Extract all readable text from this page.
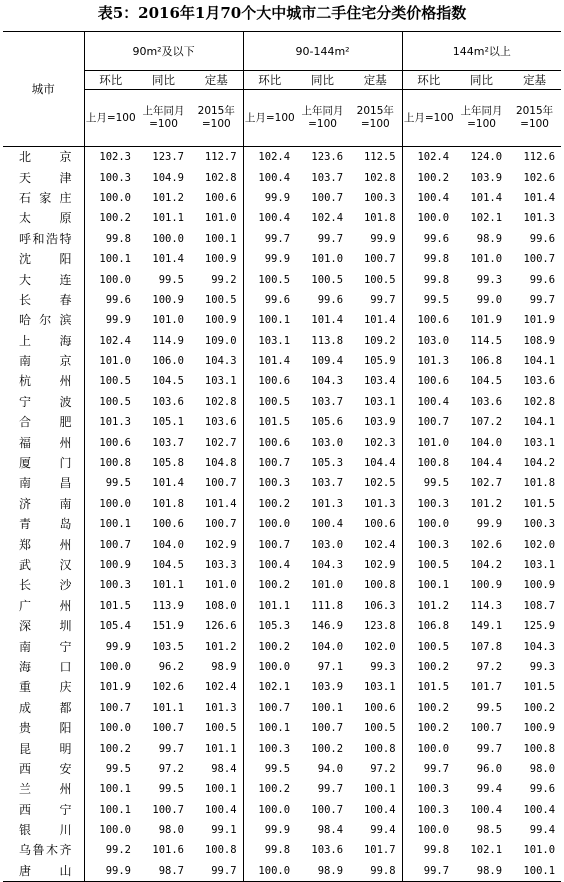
表5：2016年1月70个大中城市二手住宅分类价格指数
城市	90m²及以下			90-144m²			144m²以上		
	环比	同比	定基	环比	同比	定基	环比	同比	定基
	上月=100	上年同月=100	2015年=100	上月=100	上年同月=100	2015年=100	上月=100	上年同月=100	2015年=100
北京	102.3	123.7	112.7	102.4	123.6	112.5	102.4	124.0	112.6
天津	100.3	104.9	102.8	100.4	103.7	102.8	100.2	103.9	102.6
石家庄	100.0	101.2	100.6	99.9	100.7	100.3	100.4	101.4	101.4
太原	100.2	101.1	101.0	100.4	102.4	101.8	100.0	102.1	101.3
呼和浩特	99.8	100.0	100.1	99.7	99.7	99.9	99.6	98.9	99.6
沈阳	100.1	101.4	100.9	99.9	101.0	100.7	99.8	101.0	100.7
大连	100.0	99.5	99.2	100.5	100.5	100.5	99.8	99.3	99.6
长春	99.6	100.9	100.5	99.6	99.6	99.7	99.5	99.0	99.7
哈尔滨	99.9	101.0	100.9	100.1	101.4	101.4	100.6	101.9	101.9
上海	102.4	114.9	109.0	103.1	113.8	109.2	103.0	114.5	108.9
南京	101.0	106.0	104.3	101.4	109.4	105.9	101.3	106.8	104.1
杭州	100.5	104.5	103.1	100.6	104.3	103.4	100.6	104.5	103.6
宁波	100.5	103.6	102.8	100.5	103.7	103.1	100.4	103.6	102.8
合肥	101.3	105.1	103.6	101.5	105.6	103.9	100.7	107.2	104.1
福州	100.6	103.7	102.7	100.6	103.0	102.3	101.0	104.0	103.1
厦门	100.8	105.8	104.8	100.7	105.3	104.4	100.8	104.4	104.2
南昌	99.5	101.4	100.7	100.3	103.7	102.5	99.5	102.7	101.8
济南	100.0	101.8	101.4	100.2	101.3	101.3	100.3	101.2	101.5
青岛	100.1	100.6	100.7	100.0	100.4	100.6	100.0	99.9	100.3
郑州	100.7	104.0	102.9	100.7	103.0	102.4	100.3	102.6	102.0
武汉	100.9	104.5	103.3	100.4	104.3	102.9	100.5	104.2	103.1
长沙	100.3	101.1	101.0	100.2	101.0	100.8	100.1	100.9	100.9
广州	101.5	113.9	108.0	101.1	111.8	106.3	101.2	114.3	108.7
深圳	105.4	151.9	126.6	105.3	146.9	123.8	106.8	149.1	125.9
南宁	99.9	103.5	101.2	100.2	104.0	102.0	100.5	107.8	104.3
海口	100.0	96.2	98.9	100.0	97.1	99.3	100.2	97.2	99.3
重庆	101.9	102.6	102.4	102.1	103.9	103.1	101.5	101.7	101.5
成都	100.7	101.1	101.3	100.7	100.1	100.6	100.2	99.5	100.2
贵阳	100.0	100.7	100.5	100.1	100.7	100.5	100.2	100.7	100.9
昆明	100.2	99.7	101.1	100.3	100.2	100.8	100.0	99.7	100.8
西安	99.5	97.2	98.4	99.5	94.0	97.2	99.7	96.0	98.0
兰州	100.1	99.5	100.1	100.2	99.7	100.1	100.3	99.4	99.6
西宁	100.1	100.7	100.4	100.0	100.7	100.4	100.3	100.4	100.4
银川	100.0	98.0	99.1	99.9	98.4	99.4	100.0	98.5	99.4
乌鲁木齐	99.2	101.6	100.8	99.8	103.6	101.7	99.8	102.1	101.0
唐山	99.9	98.7	99.7	100.0	98.9	99.8	99.7	98.9	100.1
